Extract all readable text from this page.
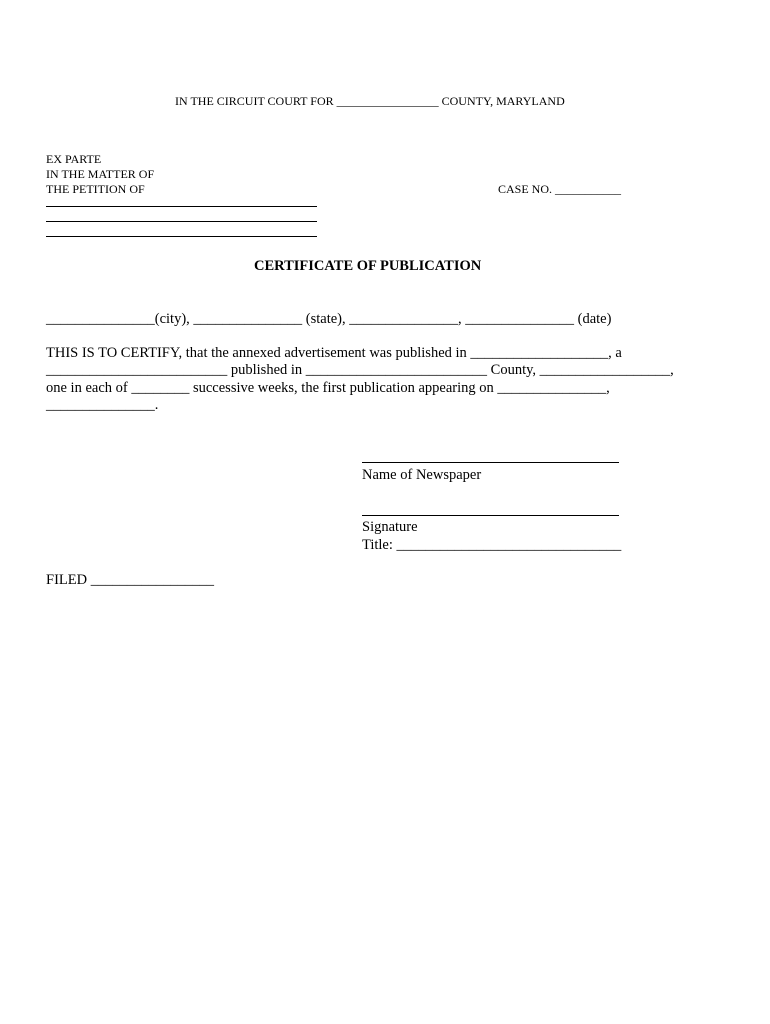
IN THE CIRCUIT COURT FOR _________________ COUNTY, MARYLAND
EX PARTE
IN THE MATTER OF
THE PETITION OF	CASE NO. ___________
CERTIFICATE OF PUBLICATION
_______________(city), _______________ (state), _______________, _______________ (date)
THIS IS TO CERTIFY, that the annexed advertisement was published in ___________________, a
_________________________ published in _________________________ County, __________________,
one in each of ________ successive weeks, the first publication appearing on _______________,
_______________.
Name of Newspaper
Signature
Title: _______________________________
FILED _________________
